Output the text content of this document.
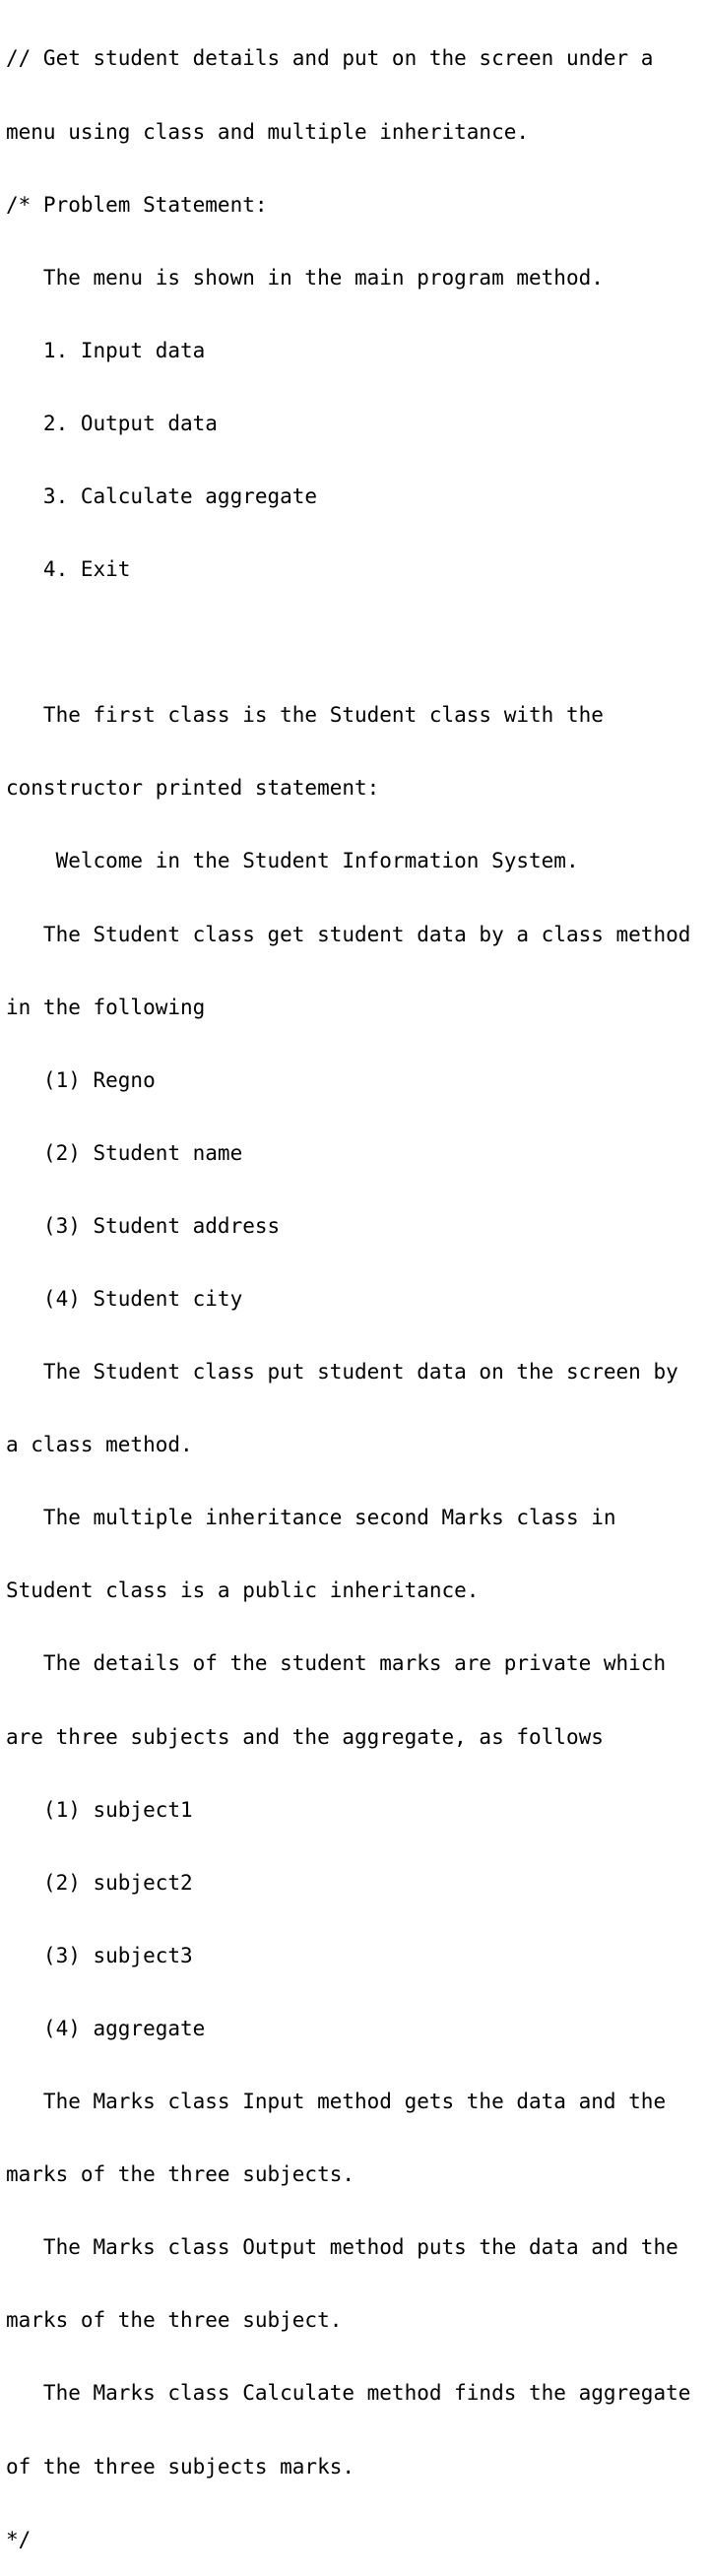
// Get student details and put on the screen under a

menu using class and multiple inheritance.

/* Problem Statement:

The menu is shown in the main program method.

1. Input data

2. Output data

3. Calculate aggregate

4. Exit

The first class is the Student class with the

constructor printed statement:

Welcome in the Student Information System.

The Student class get student data by a class method

in the following

(1) Regno

(2) Student name

(3) Student address

(4) Student city

The Student class put student data on the screen by

a class method.

The multiple inheritance second Marks class in

Student class is a public inheritance.

The details of the student marks are private which

are three subjects and the aggregate, as follows

(1) subject1

(2) subject2

(3) subject3

(4) aggregate

The Marks class Input method gets the data and the

marks of the three subjects.

The Marks class Output method puts the data and the

marks of the three subject.

The Marks class Calculate method finds the aggregate

of the three subjects marks.

*/
